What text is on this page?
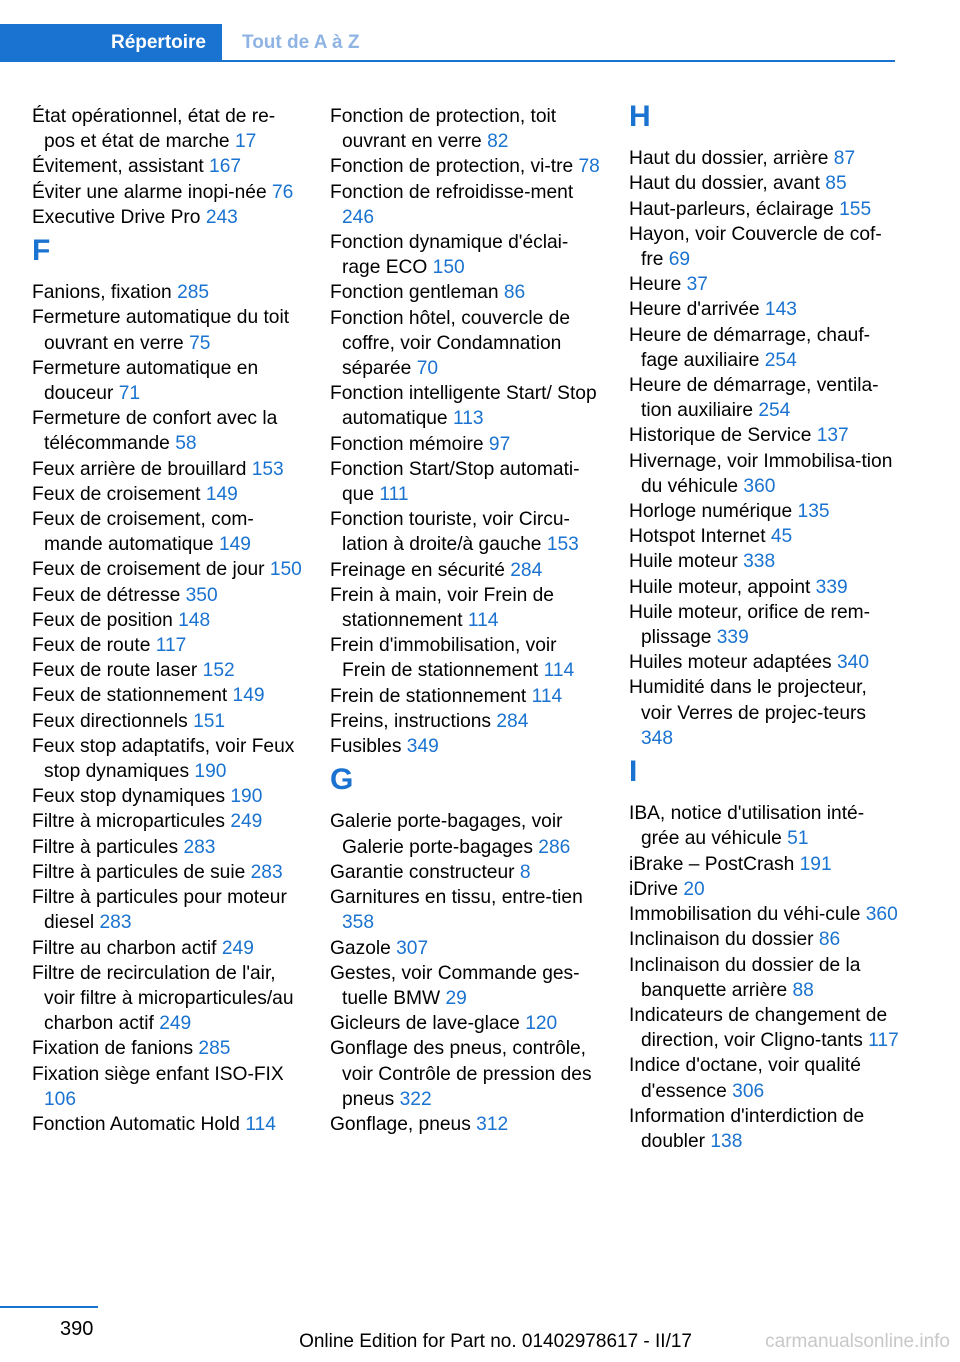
Répertoire	Tout de A à Z
État opérationnel, état de re‐pos et état de marche 17
Évitement, assistant 167
Éviter une alarme inopi‐née 76
Executive Drive Pro 243
F
Fanions, fixation 285
Fermeture automatique du toit ouvrant en verre 75
Fermeture automatique en douceur 71
Fermeture de confort avec la télécommande 58
Feux arrière de brouillard 153
Feux de croisement 149
Feux de croisement, com‐mande automatique 149
Feux de croisement de jour 150
Feux de détresse 350
Feux de position 148
Feux de route 117
Feux de route laser 152
Feux de stationnement 149
Feux directionnels 151
Feux stop adaptatifs, voir Feux stop dynamiques 190
Feux stop dynamiques 190
Filtre à microparticules 249
Filtre à particules 283
Filtre à particules de suie 283
Filtre à particules pour moteur diesel 283
Filtre au charbon actif 249
Filtre de recirculation de l'air, voir filtre à microparticules/au charbon actif 249
Fixation de fanions 285
Fixation siège enfant ISO‐FIX 106
Fonction Automatic Hold 114
Fonction de protection, toit ouvrant en verre 82
Fonction de protection, vi‐tre 78
Fonction de refroidisse‐ment 246
Fonction dynamique d'éclai‐rage ECO 150
Fonction gentleman 86
Fonction hôtel, couvercle de coffre, voir Condamnation séparée 70
Fonction intelligente Start/ Stop automatique 113
Fonction mémoire 97
Fonction Start/Stop automati‐que 111
Fonction touriste, voir Circu‐lation à droite/à gauche 153
Freinage en sécurité 284
Frein à main, voir Frein de stationnement 114
Frein d'immobilisation, voir Frein de stationnement 114
Frein de stationnement 114
Freins, instructions 284
Fusibles 349
G
Galerie porte-bagages, voir Galerie porte-bagages 286
Garantie constructeur 8
Garnitures en tissu, entre‐tien 358
Gazole 307
Gestes, voir Commande ges‐tuelle BMW 29
Gicleurs de lave-glace 120
Gonflage des pneus, contrôle, voir Contrôle de pression des pneus 322
Gonflage, pneus 312
H
Haut du dossier, arrière 87
Haut du dossier, avant 85
Haut-parleurs, éclairage 155
Hayon, voir Couvercle de cof‐fre 69
Heure 37
Heure d'arrivée 143
Heure de démarrage, chauf‐fage auxiliaire 254
Heure de démarrage, ventila‐tion auxiliaire 254
Historique de Service 137
Hivernage, voir Immobilisa‐tion du véhicule 360
Horloge numérique 135
Hotspot Internet 45
Huile moteur 338
Huile moteur, appoint 339
Huile moteur, orifice de rem‐plissage 339
Huiles moteur adaptées 340
Humidité dans le projecteur, voir Verres de projec‐teurs 348
I
IBA, notice d'utilisation inté‐grée au véhicule 51
iBrake – PostCrash 191
iDrive 20
Immobilisation du véhi‐cule 360
Inclinaison du dossier 86
Inclinaison du dossier de la banquette arrière 88
Indicateurs de changement de direction, voir Cligno‐tants 117
Indice d'octane, voir qualité d'essence 306
Information d'interdiction de doubler 138
390
Online Edition for Part no. 01402978617 - II/17	carmanualsonline.info
